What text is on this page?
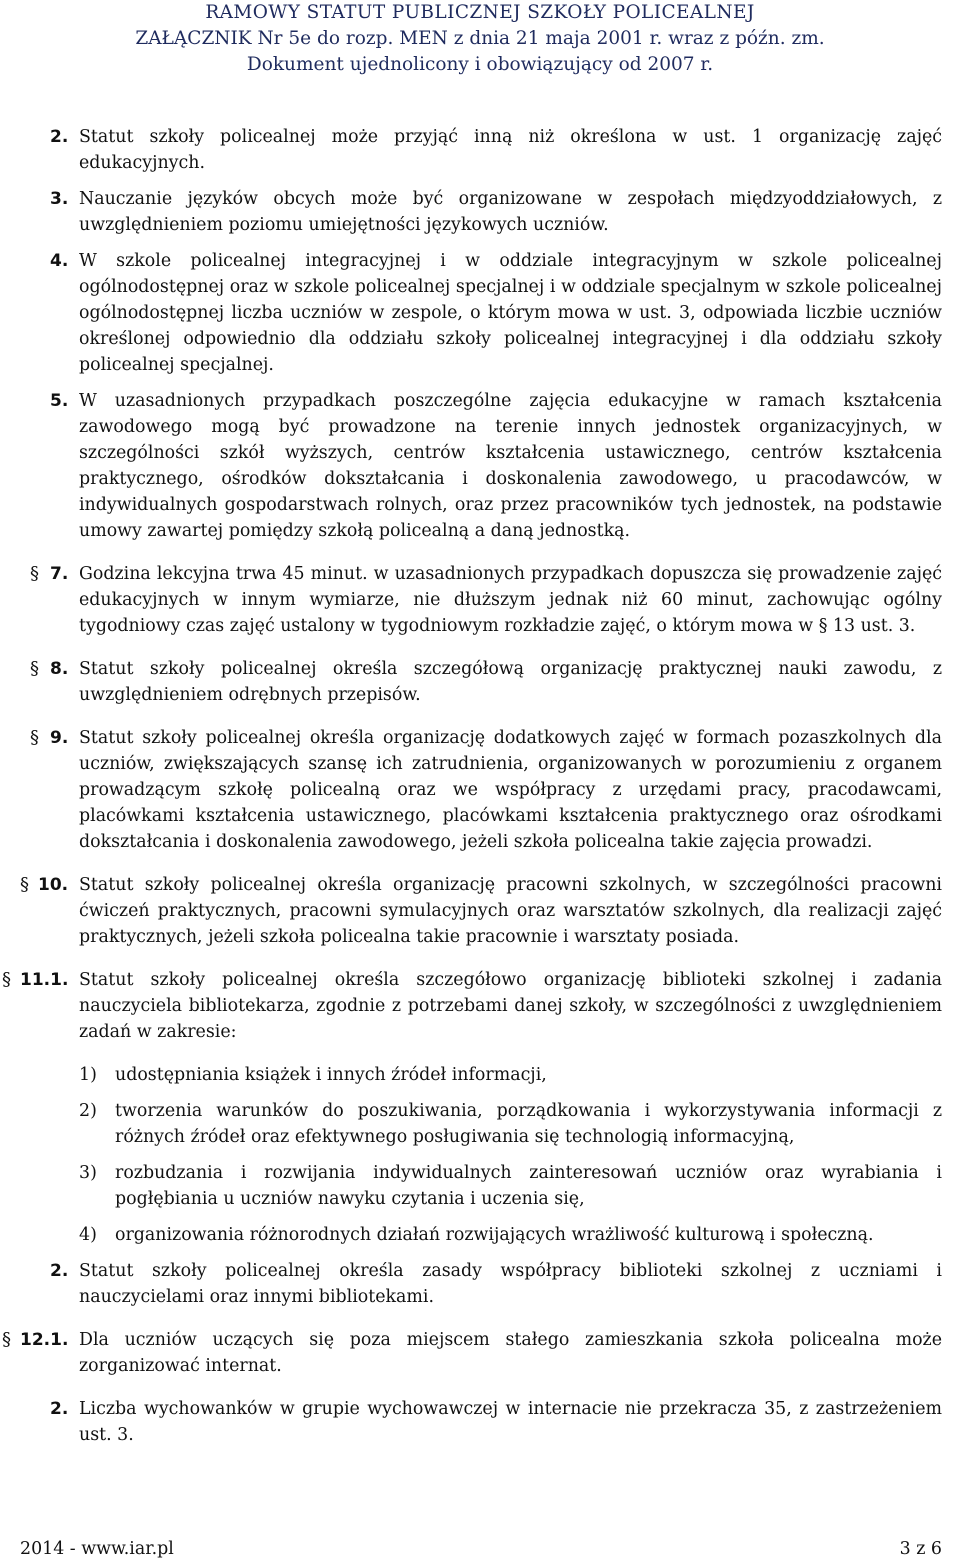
RAMOWY STATUT PUBLICZNEJ SZKOŁY POLICEALNEJ
ZAŁĄCZNIK Nr 5e do rozp. MEN z dnia 21 maja 2001 r. wraz z późn. zm.
Dokument ujednolicony i obowiązujący od 2007 r.

2. Statut szkoły policealnej może przyjąć inną niż określona w ust. 1 organizację zajęć edukacyjnych.

3. Nauczanie języków obcych może być organizowane w zespołach międzyoddziałowych, z uwzględnieniem poziomu umiejętności językowych uczniów.

4. W szkole policealnej integracyjnej i w oddziale integracyjnym w szkole policealnej ogólnodostępnej oraz w szkole policealnej specjalnej i w oddziale specjalnym w szkole policealnej ogólnodostępnej liczba uczniów w zespole, o którym mowa w ust. 3, odpowiada liczbie uczniów określonej odpowiednio dla oddziału szkoły policealnej integracyjnej i dla oddziału szkoły policealnej specjalnej.

5. W uzasadnionych przypadkach poszczególne zajęcia edukacyjne w ramach kształcenia zawodowego mogą być prowadzone na terenie innych jednostek organizacyjnych, w szczególności szkół wyższych, centrów kształcenia ustawicznego, centrów kształcenia praktycznego, ośrodków dokształcania i doskonalenia zawodowego, u pracodawców, w indywidualnych gospodarstwach rolnych, oraz przez pracowników tych jednostek, na podstawie umowy zawartej pomiędzy szkołą policealną a daną jednostką.

§ 7. Godzina lekcyjna trwa 45 minut. w uzasadnionych przypadkach dopuszcza się prowadzenie zajęć edukacyjnych w innym wymiarze, nie dłuższym jednak niż 60 minut, zachowując ogólny tygodniowy czas zajęć ustalony w tygodniowym rozkładzie zajęć, o którym mowa w § 13 ust. 3.

§ 8. Statut szkoły policealnej określa szczegółową organizację praktycznej nauki zawodu, z uwzględnieniem odrębnych przepisów.

§ 9. Statut szkoły policealnej określa organizację dodatkowych zajęć w formach pozaszkolnych dla uczniów, zwiększających szansę ich zatrudnienia, organizowanych w porozumieniu z organem prowadzącym szkołę policealną oraz we współpracy z urzędami pracy, pracodawcami, placówkami kształcenia ustawicznego, placówkami kształcenia praktycznego oraz ośrodkami dokształcania i doskonalenia zawodowego, jeżeli szkoła policealna takie zajęcia prowadzi.

§ 10. Statut szkoły policealnej określa organizację pracowni szkolnych, w szczególności pracowni ćwiczeń praktycznych, pracowni symulacyjnych oraz warsztatów szkolnych, dla realizacji zajęć praktycznych, jeżeli szkoła policealna takie pracownie i warsztaty posiada.

§ 11.1. Statut szkoły policealnej określa szczegółowo organizację biblioteki szkolnej i zadania nauczyciela bibliotekarza, zgodnie z potrzebami danej szkoły, w szczególności z uwzględnieniem zadań w zakresie:

1) udostępniania książek i innych źródeł informacji,

2) tworzenia warunków do poszukiwania, porządkowania i wykorzystywania informacji z różnych źródeł oraz efektywnego posługiwania się technologią informacyjną,

3) rozbudzania i rozwijania indywidualnych zainteresowań uczniów oraz wyrabiania i pogłębiania u uczniów nawyku czytania i uczenia się,

4) organizowania różnorodnych działań rozwijających wrażliwość kulturową i społeczną.

2. Statut szkoły policealnej określa zasady współpracy biblioteki szkolnej z uczniami i nauczycielami oraz innymi bibliotekami.

§ 12.1. Dla uczniów uczących się poza miejscem stałego zamieszkania szkoła policealna może zorganizować internat.

2. Liczba wychowanków w grupie wychowawczej w internacie nie przekracza 35, z zastrzeżeniem ust. 3.

2014 - www.iar.pl	3 z 6
